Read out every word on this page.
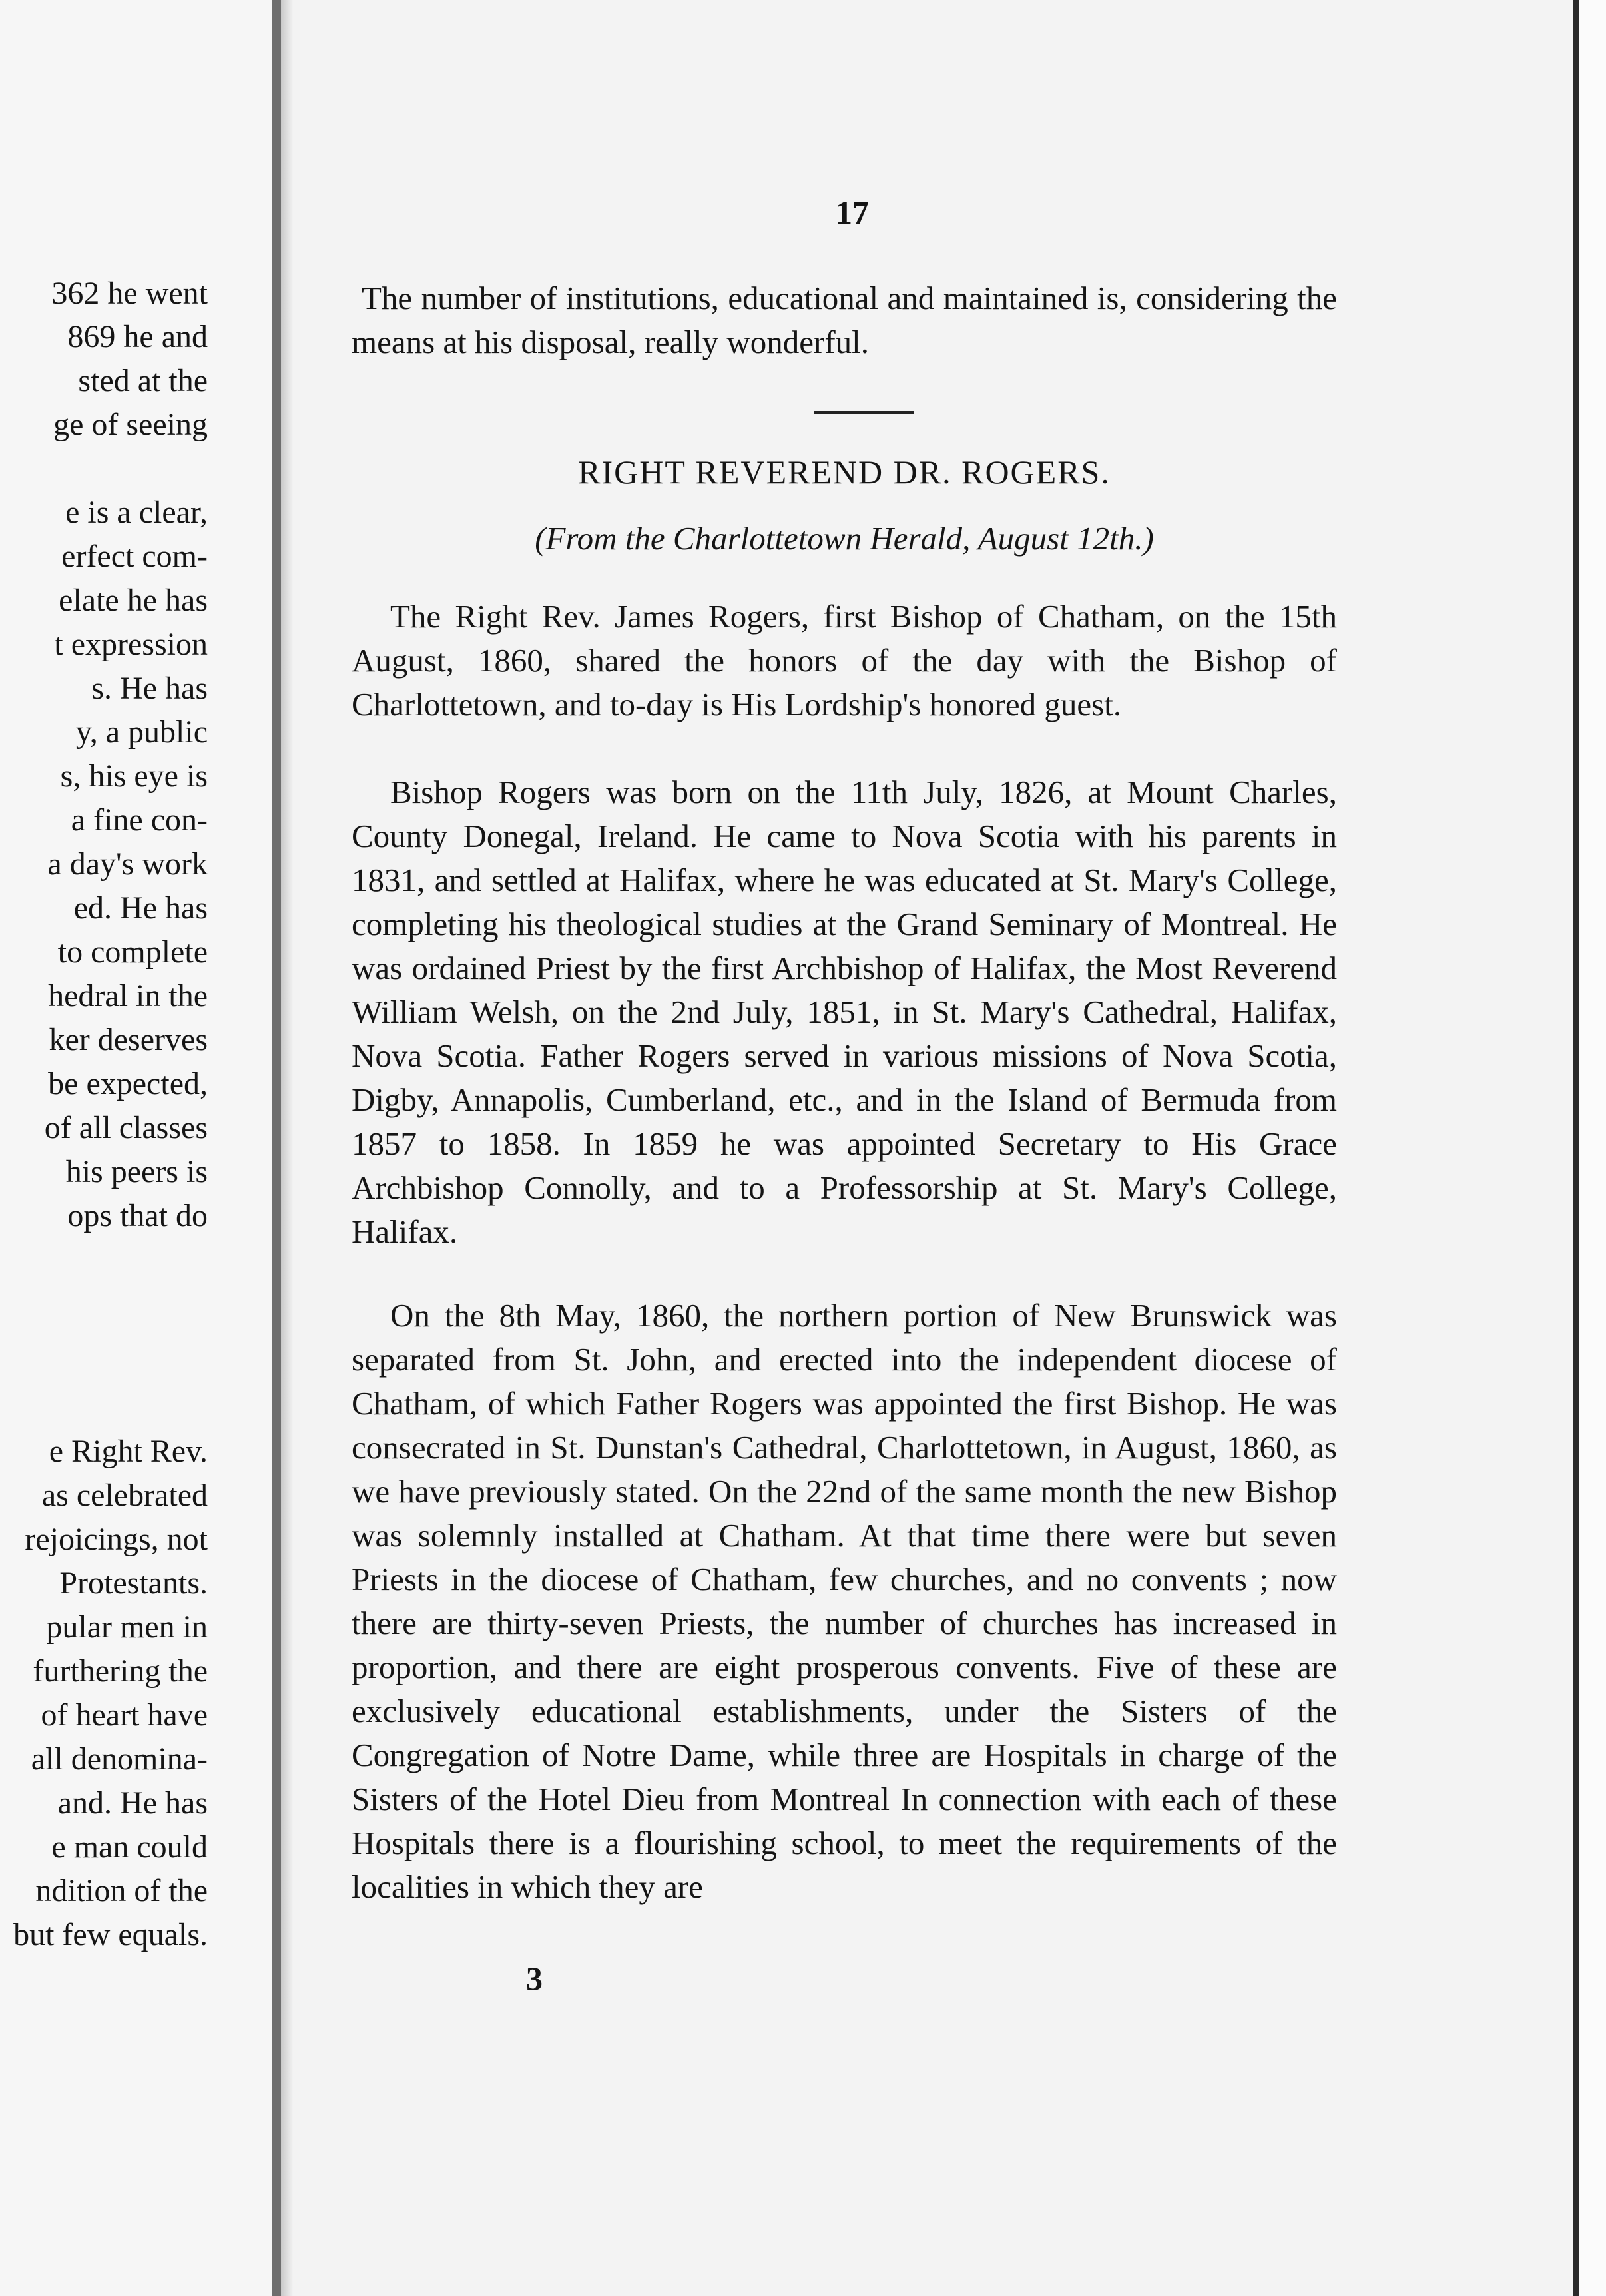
362 he went
869 he and
sted at the
ge of seeing
e is a clear,
erfect com-
elate he has
t expression
s. He has
y, a public
s, his eye is
a fine con-
a day's work
ed. He has
to complete
hedral in the
ker deserves
be expected,
of all classes
his peers is
ops that do
e Right Rev.
as celebrated
rejoicings, not
Protestants.
pular men in
furthering the
of heart have
all denomina-
and. He has
e man could
ndition of the
but few equals.
17

The number of institutions, educational and maintained is, considering the means at his disposal, really wonderful.

RIGHT REVEREND DR. ROGERS.
(From the Charlottetown Herald, August 12th.)

The Right Rev. James Rogers, first Bishop of Chatham, on the 15th August, 1860, shared the honors of the day with the Bishop of Charlottetown, and to-day is His Lordship's honored guest.

Bishop Rogers was born on the 11th July, 1826, at Mount Charles, County Donegal, Ireland. He came to Nova Scotia with his parents in 1831, and settled at Halifax, where he was educated at St. Mary's College, completing his theological studies at the Grand Seminary of Montreal. He was ordained Priest by the first Archbishop of Halifax, the Most Reverend William Welsh, on the 2nd July, 1851, in St. Mary's Cathedral, Halifax, Nova Scotia. Father Rogers served in various missions of Nova Scotia, Digby, Annapolis, Cumberland, etc., and in the Island of Bermuda from 1857 to 1858. In 1859 he was appointed Secretary to His Grace Archbishop Connolly, and to a Professorship at St. Mary's College, Halifax.

On the 8th May, 1860, the northern portion of New Brunswick was separated from St. John, and erected into the independent diocese of Chatham, of which Father Rogers was appointed the first Bishop. He was consecrated in St. Dunstan's Cathedral, Charlottetown, in August, 1860, as we have previously stated. On the 22nd of the same month the new Bishop was solemnly installed at Chatham. At that time there were but seven Priests in the diocese of Chatham, few churches, and no convents ; now there are thirty-seven Priests, the number of churches has increased in proportion, and there are eight prosperous convents. Five of these are exclusively educational establishments, under the Sisters of the Congregation of Notre Dame, while three are Hospitals in charge of the Sisters of the Hotel Dieu from Montreal In connection with each of these Hospitals there is a flourishing school, to meet the requirements of the localities in which they are

3
